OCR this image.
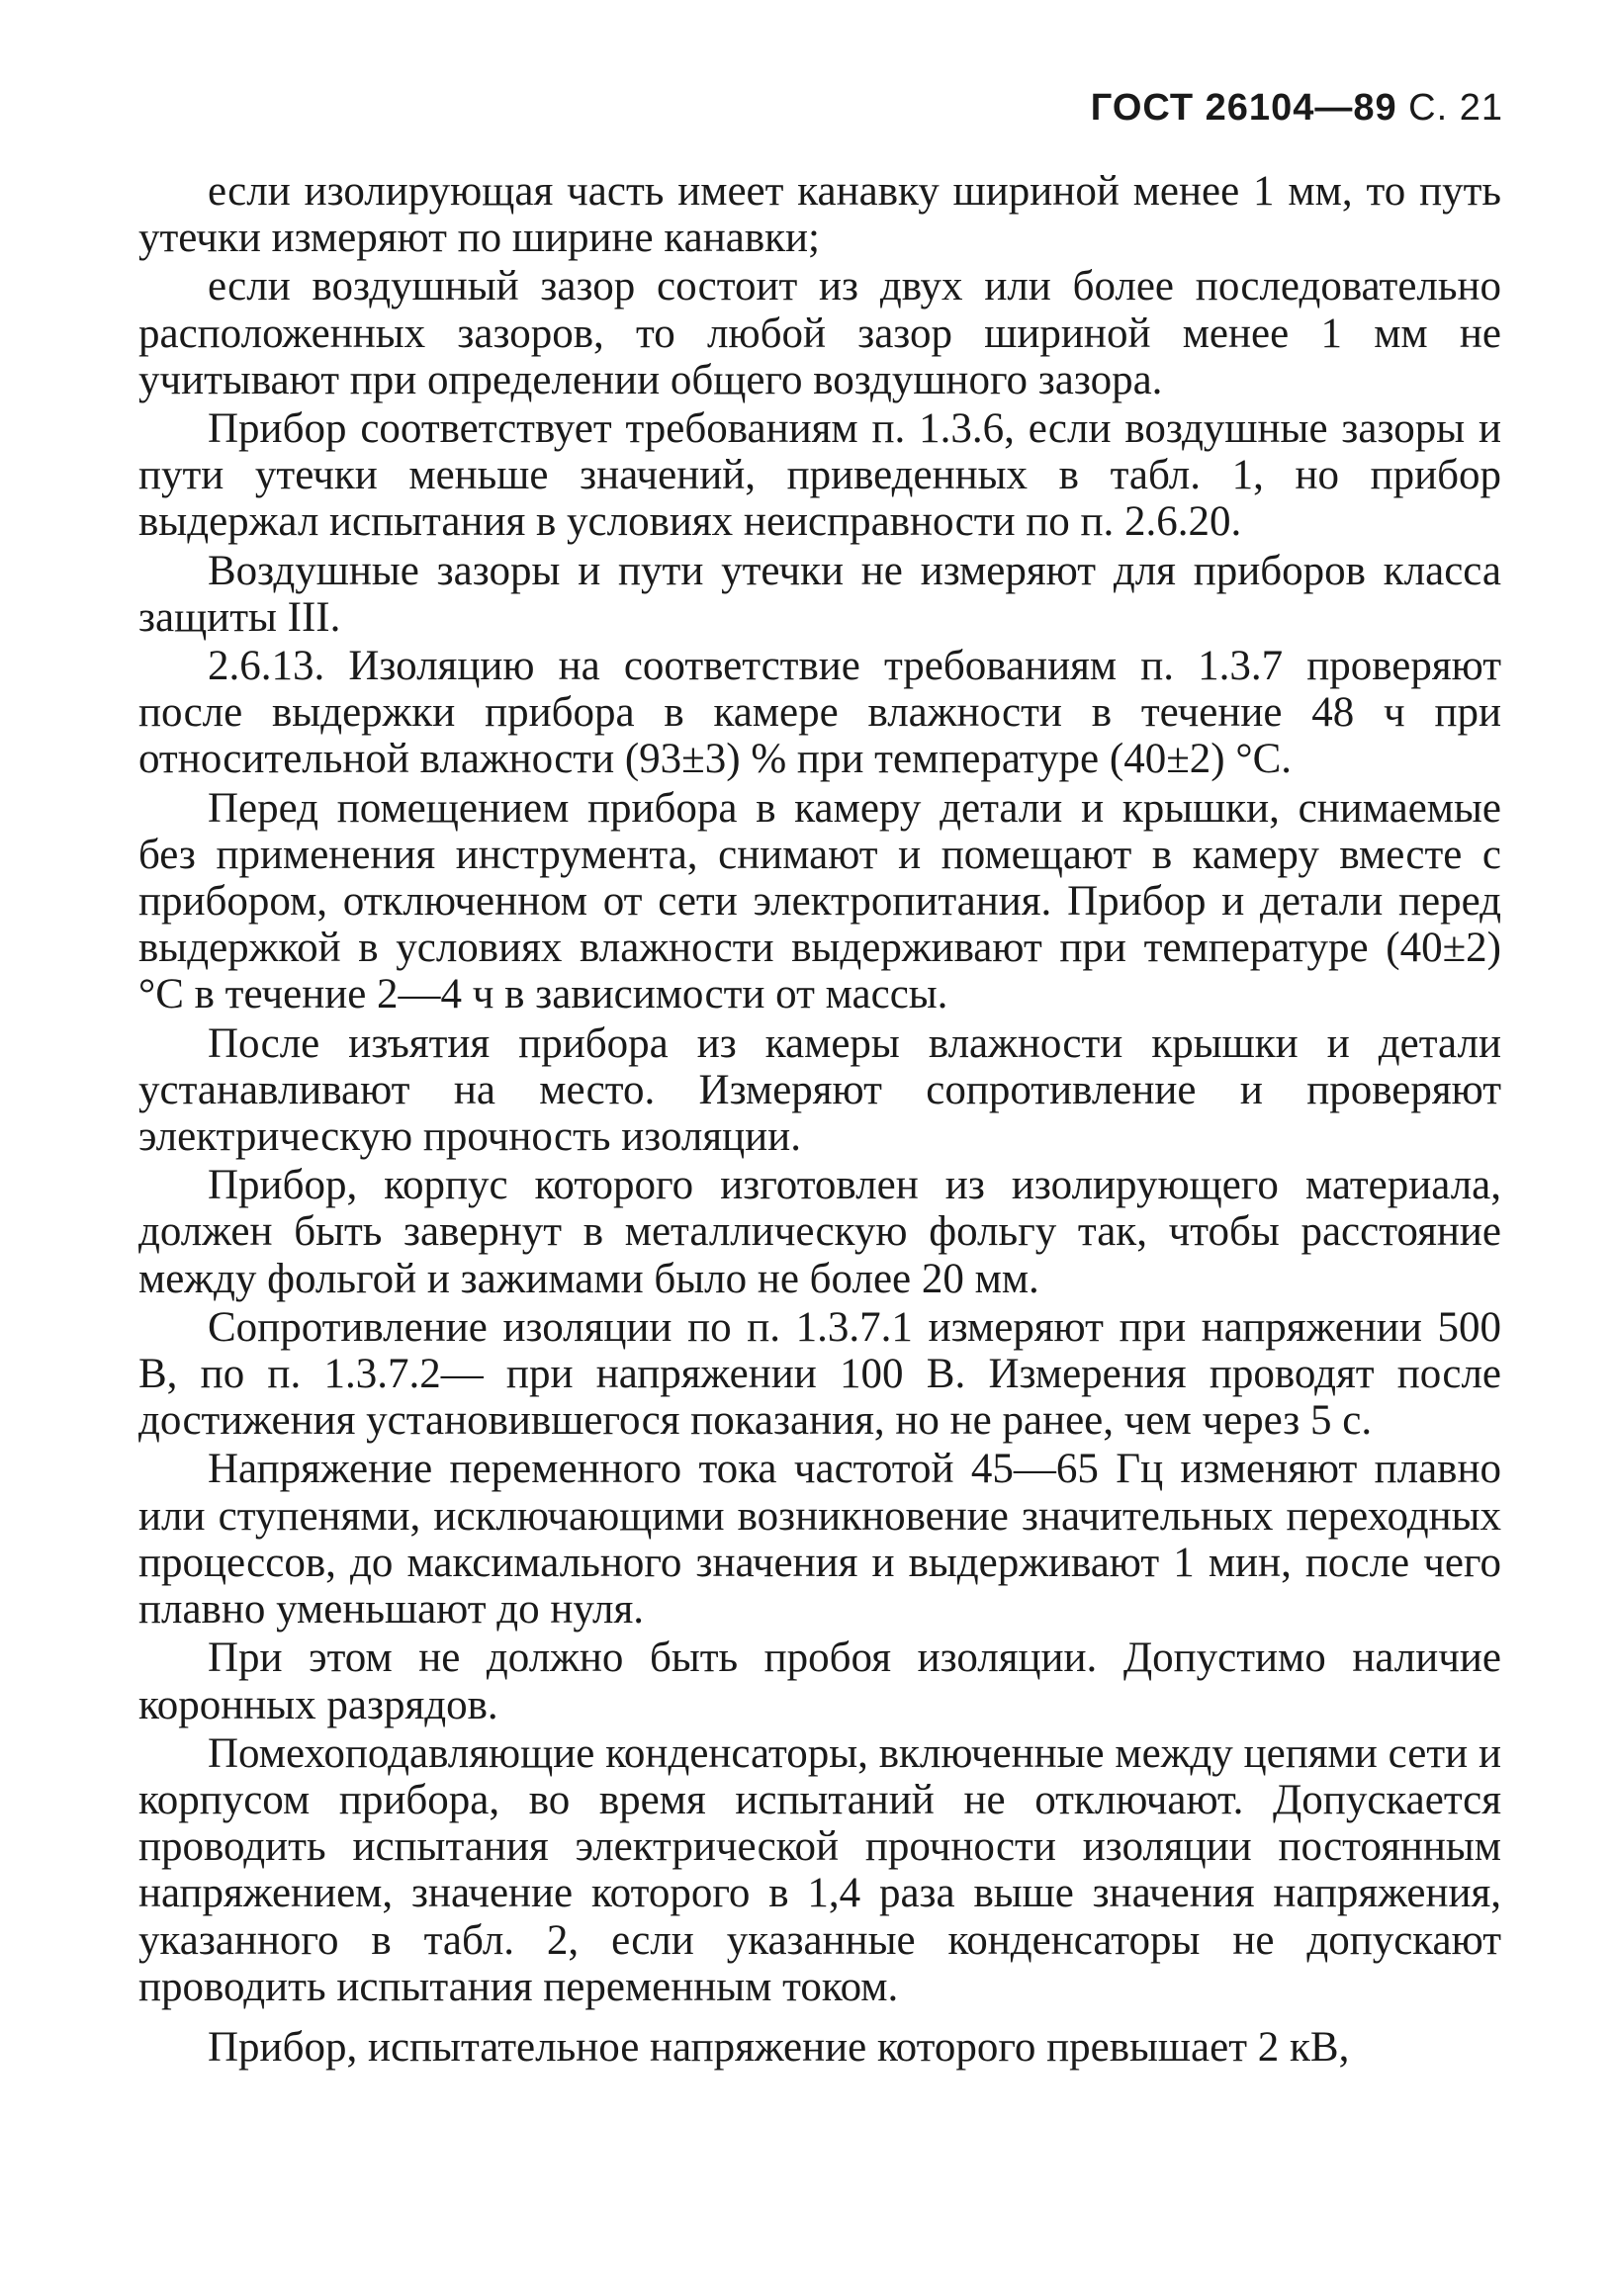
ГОСТ 26104—89 С. 21

если изолирующая часть имеет канавку шириной менее 1 мм, то путь утечки измеряют по ширине канавки;

если воздушный зазор состоит из двух или более последовательно расположенных зазоров, то любой зазор шириной менее 1 мм не учитывают при определении общего воздушного зазора.

Прибор соответствует требованиям п. 1.3.6, если воздушные зазоры и пути утечки меньше значений, приведенных в табл. 1, но прибор выдержал испытания в условиях неисправности по п. 2.6.20.

Воздушные зазоры и пути утечки не измеряют для приборов класса защиты III.

2.6.13. Изоляцию на соответствие требованиям п. 1.3.7 проверяют после выдержки прибора в камере влажности в течение 48 ч при относительной влажности (93±3) % при температуре (40±2) °С.

Перед помещением прибора в камеру детали и крышки, снимаемые без применения инструмента, снимают и помещают в камеру вместе с прибором, отключенном от сети электропитания. Прибор и детали перед выдержкой в условиях влажности выдерживают при температуре (40±2) °С в течение 2—4 ч в зависимости от массы.

После изъятия прибора из камеры влажности крышки и детали устанавливают на место. Измеряют сопротивление и проверяют электрическую прочность изоляции.

Прибор, корпус которого изготовлен из изолирующего материала, должен быть завернут в металлическую фольгу так, чтобы расстояние между фольгой и зажимами было не более 20 мм.

Сопротивление изоляции по п. 1.3.7.1 измеряют при напряжении 500 В, по п. 1.3.7.2— при напряжении 100 В. Измерения проводят после достижения установившегося показания, но не ранее, чем через 5 с.

Напряжение переменного тока частотой 45—65 Гц изменяют плавно или ступенями, исключающими возникновение значительных переходных процессов, до максимального значения и выдерживают 1 мин, после чего плавно уменьшают до нуля.

При этом не должно быть пробоя изоляции. Допустимо наличие коронных разрядов.

Помехоподавляющие конденсаторы, включенные между цепями сети и корпусом прибора, во время испытаний не отключают. Допускается проводить испытания электрической прочности изоляции постоянным напряжением, значение которого в 1,4 раза выше значения напряжения, указанного в табл. 2, если указанные конденсаторы не допускают проводить испытания переменным током.

Прибор, испытательное напряжение которого превышает 2 кВ,
